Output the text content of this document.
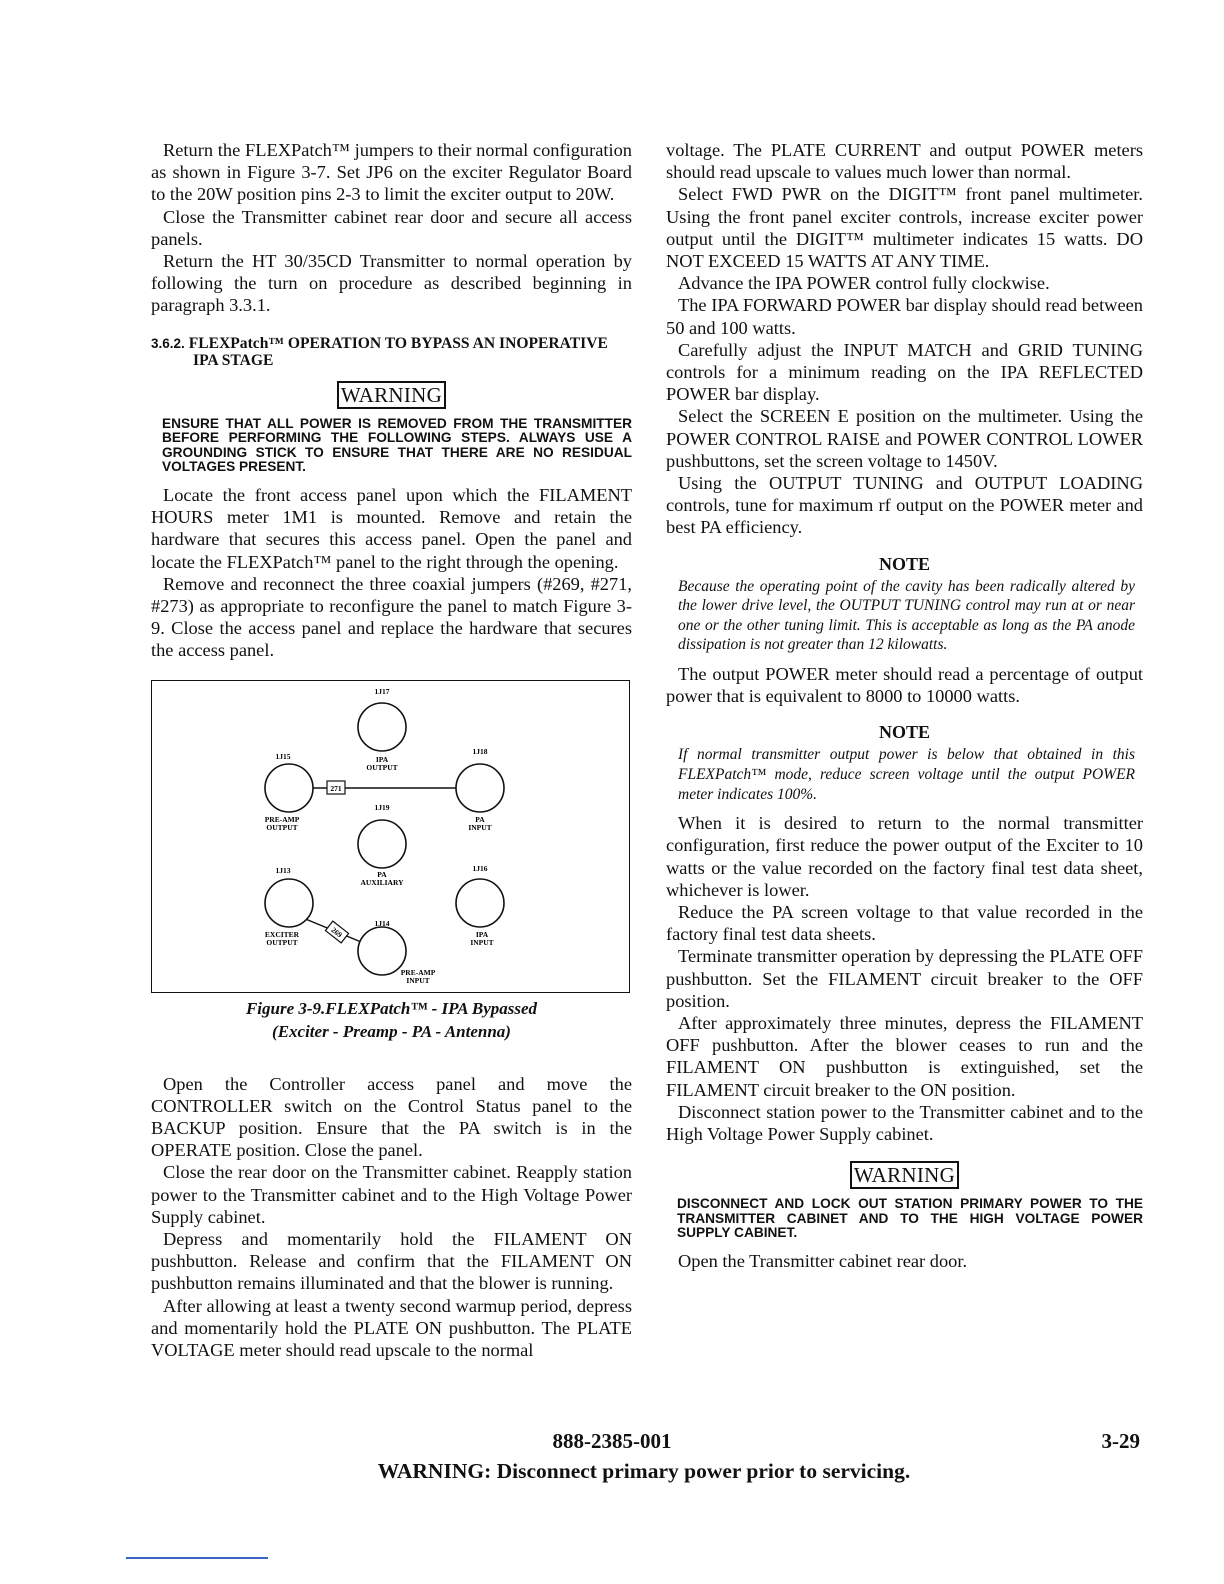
Return the FLEXPatch™ jumpers to their normal configuration as shown in Figure 3-7. Set JP6 on the exciter Regulator Board to the 20W position pins 2-3 to limit the exciter output to 20W.

Close the Transmitter cabinet rear door and secure all access panels.

Return the HT 30/35CD Transmitter to normal operation by following the turn on procedure as described beginning in paragraph 3.3.1.

3.6.2. FLEXPatch™ OPERATION TO BYPASS AN INOPERATIVE IPA STAGE
WARNING

ENSURE THAT ALL POWER IS REMOVED FROM THE TRANSMITTER BEFORE PERFORMING THE FOLLOWING STEPS. ALWAYS USE A GROUNDING STICK TO ENSURE THAT THERE ARE NO RESIDUAL VOLTAGES PRESENT.

Locate the front access panel upon which the FILAMENT HOURS meter 1M1 is mounted. Remove and retain the hardware that secures this access panel. Open the panel and locate the FLEXPatch™ panel to the right through the opening.

Remove and reconnect the three coaxial jumpers (#269, #271, #273) as appropriate to reconfigure the panel to match Figure 3-9. Close the access panel and replace the hardware that secures the access panel.

271
269
1J17
IPA
OUTPUT
1J15
PRE-AMP
OUTPUT
1J18
PA
INPUT
1J19
PA
AUXILIARY
1J13
EXCITER
OUTPUT
1J16
IPA
INPUT
1J14
PRE-AMP
INPUT
Figure 3-9.FLEXPatch™ - IPA Bypassed
(Exciter - Preamp - PA - Antenna)

Open the Controller access panel and move the CONTROLLER switch on the Control Status panel to the BACKUP position. Ensure that the PA switch is in the OPERATE position. Close the panel.

Close the rear door on the Transmitter cabinet. Reapply station power to the Transmitter cabinet and to the High Voltage Power Supply cabinet.

Depress and momentarily hold the FILAMENT ON pushbutton. Release and confirm that the FILAMENT ON pushbutton remains illuminated and that the blower is running.

After allowing at least a twenty second warmup period, depress and momentarily hold the PLATE ON pushbutton. The PLATE VOLTAGE meter should read upscale to the normal

voltage. The PLATE CURRENT and output POWER meters should read upscale to values much lower than normal.

Select FWD PWR on the DIGIT™ front panel multimeter. Using the front panel exciter controls, increase exciter power output until the DIGIT™ multimeter indicates 15 watts. DO NOT EXCEED 15 WATTS AT ANY TIME.

Advance the IPA POWER control fully clockwise.

The IPA FORWARD POWER bar display should read between 50 and 100 watts.

Carefully adjust the INPUT MATCH and GRID TUNING controls for a minimum reading on the IPA REFLECTED POWER bar display.

Select the SCREEN E position on the multimeter. Using the POWER CONTROL RAISE and POWER CONTROL LOWER pushbuttons, set the screen voltage to 1450V.

Using the OUTPUT TUNING and OUTPUT LOADING controls, tune for maximum rf output on the POWER meter and best PA efficiency.

NOTE

Because the operating point of the cavity has been radically altered by the lower drive level, the OUTPUT TUNING control may run at or near one or the other tuning limit. This is acceptable as long as the PA anode dissipation is not greater than 12 kilowatts.

The output POWER meter should read a percentage of output power that is equivalent to 8000 to 10000 watts.

NOTE

If normal transmitter output power is below that obtained in this FLEXPatch™ mode, reduce screen voltage until the output POWER meter indicates 100%.

When it is desired to return to the normal transmitter configuration, first reduce the power output of the Exciter to 10 watts or the value recorded on the factory final test data sheet, whichever is lower.

Reduce the PA screen voltage to that value recorded in the factory final test data sheets.

Terminate transmitter operation by depressing the PLATE OFF pushbutton. Set the FILAMENT circuit breaker to the OFF position.

After approximately three minutes, depress the FILAMENT OFF pushbutton. After the blower ceases to run and the FILAMENT ON pushbutton is extinguished, set the FILAMENT circuit breaker to the ON position.

Disconnect station power to the Transmitter cabinet and to the High Voltage Power Supply cabinet.

WARNING

DISCONNECT AND LOCK OUT STATION PRIMARY POWER TO THE TRANSMITTER CABINET AND TO THE HIGH VOLTAGE POWER SUPPLY CABINET.

Open the Transmitter cabinet rear door.

888-2385-001	3-29
WARNING: Disconnect primary power prior to servicing.
